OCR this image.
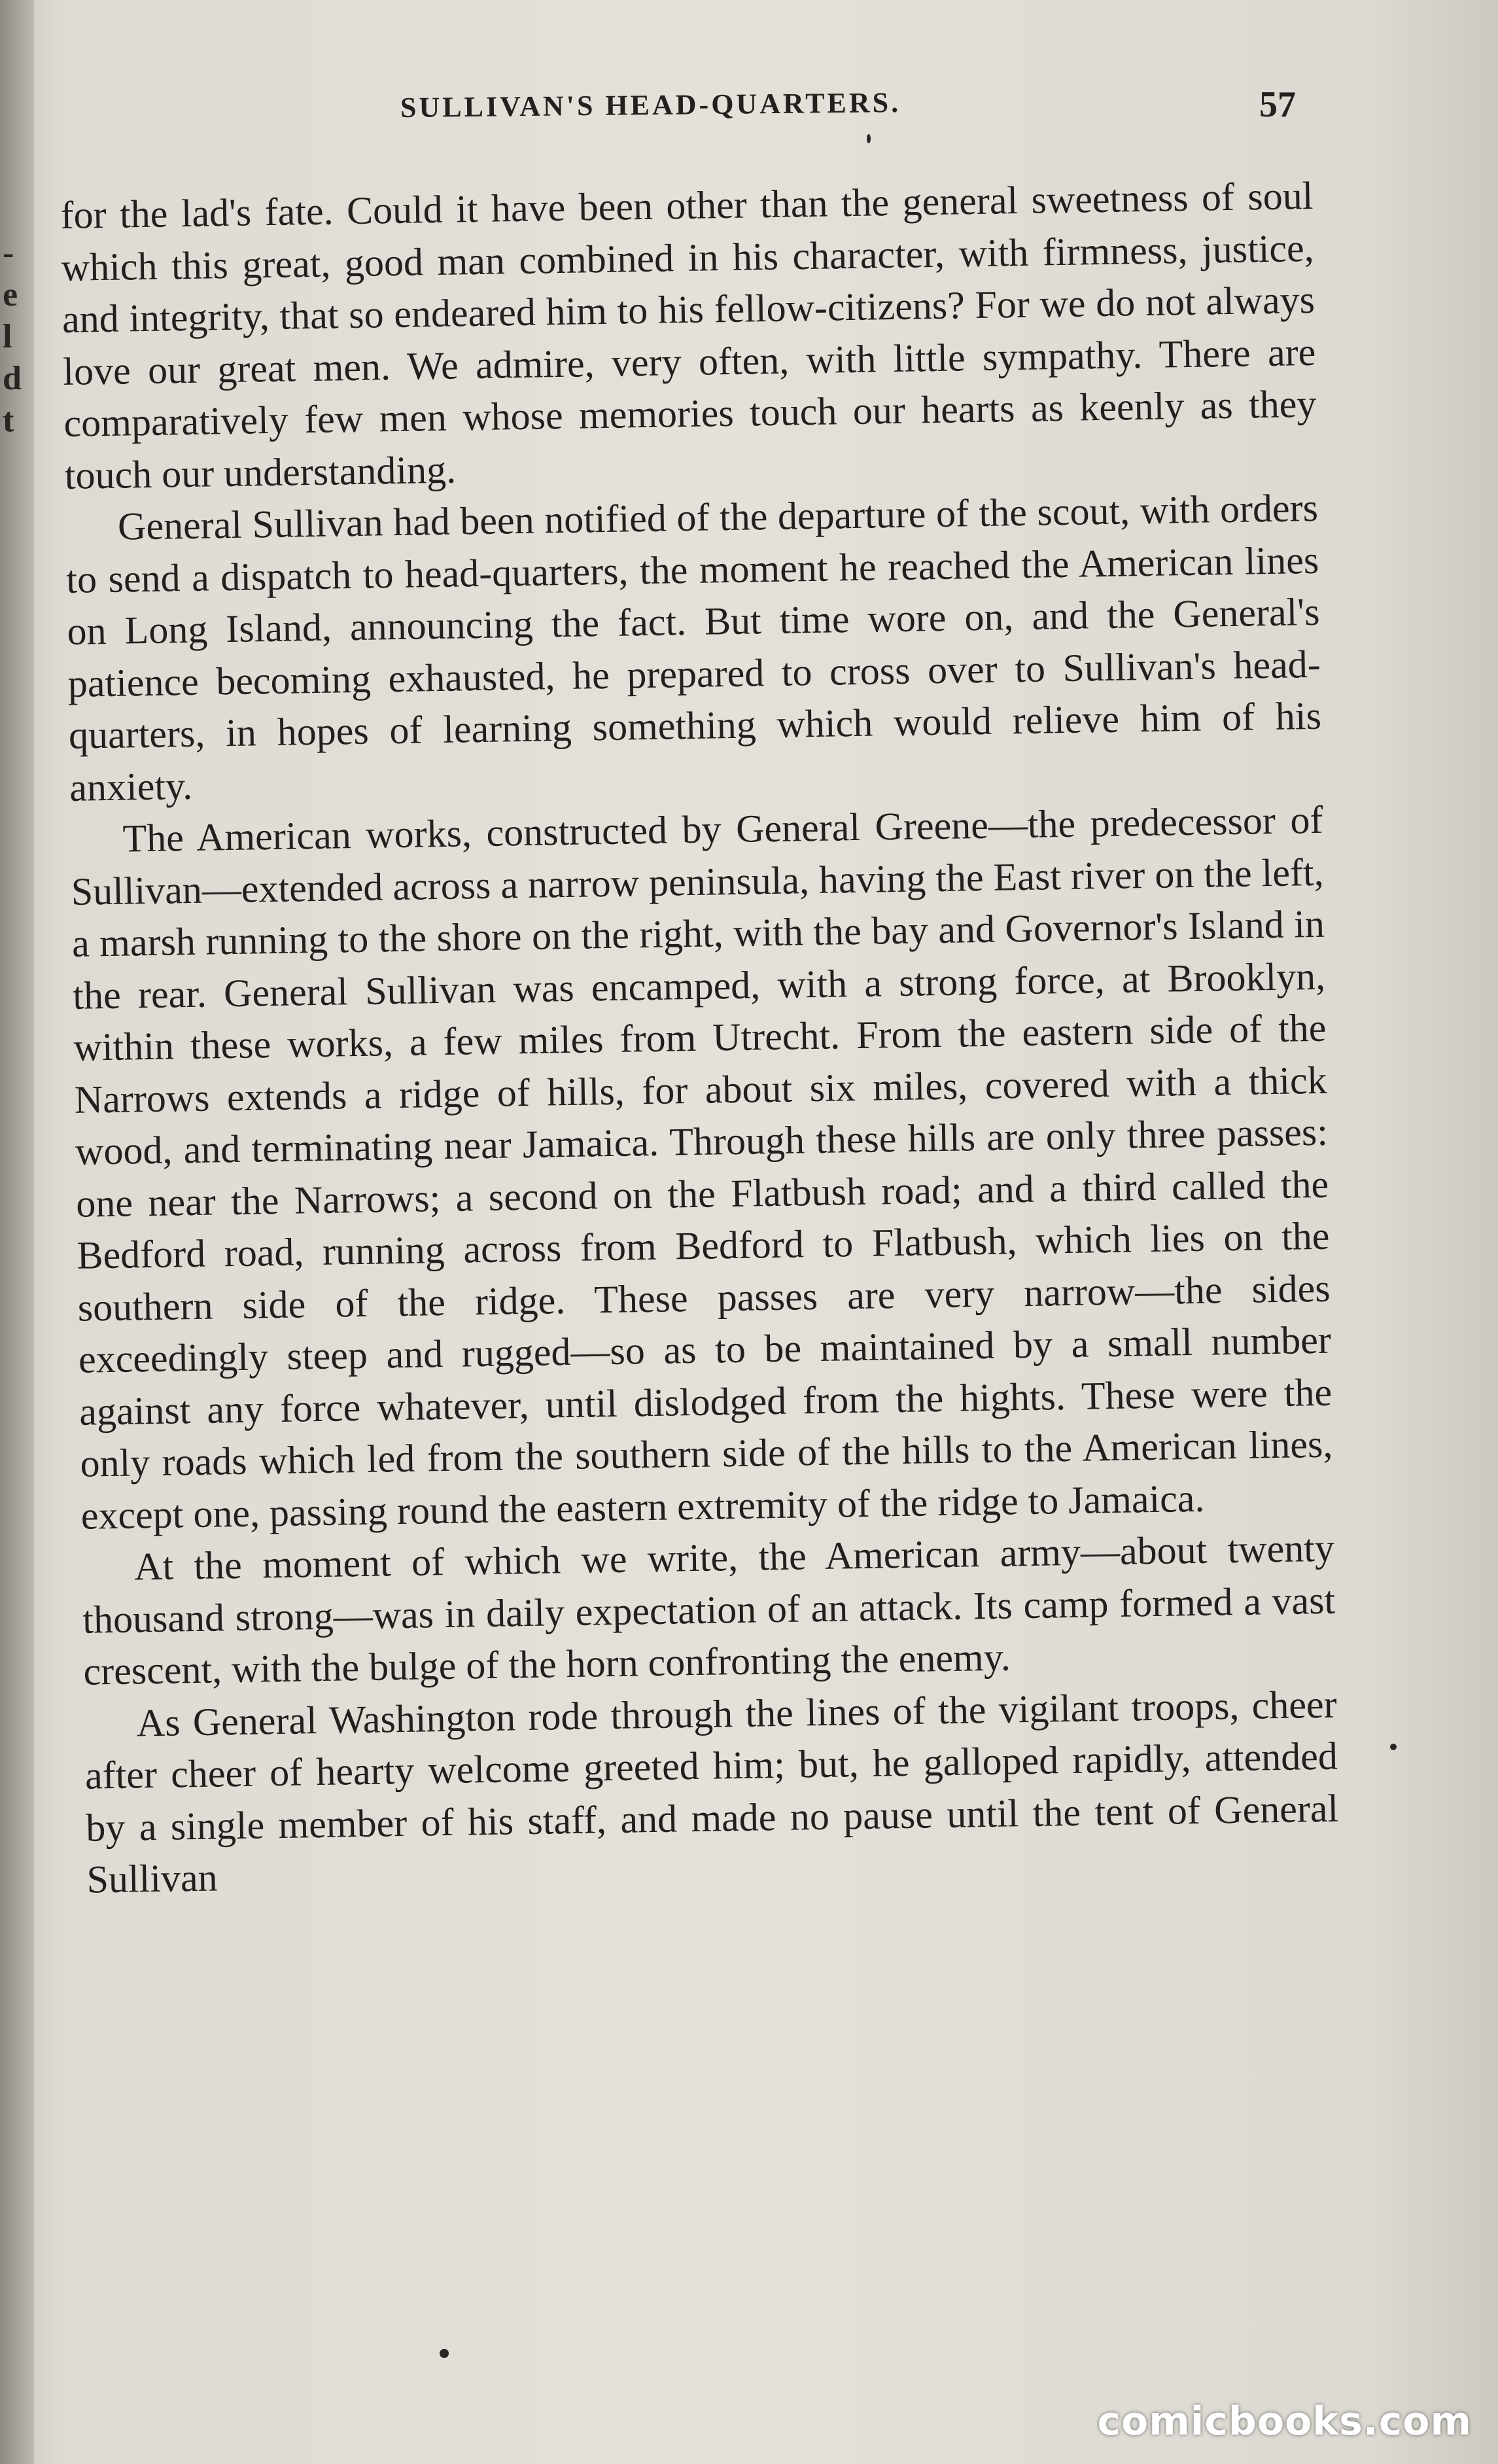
-
e
l
d
t
SULLIVAN'S HEAD-QUARTERS.	57

for the lad's fate. Could it have been other than the general sweetness of soul which this great, good man combined in his character, with firmness, justice, and integrity, that so endeared him to his fellow-citizens? For we do not always love our great men. We admire, very often, with little sympathy. There are comparatively few men whose memories touch our hearts as keenly as they touch our understanding.

General Sullivan had been notified of the departure of the scout, with orders to send a dispatch to head-quarters, the moment he reached the American lines on Long Island, announcing the fact. But time wore on, and the General's patience becoming exhausted, he prepared to cross over to Sullivan's head-quarters, in hopes of learning something which would relieve him of his anxiety.

The American works, constructed by General Greene—the predecessor of Sullivan—extended across a narrow peninsula, having the East river on the left, a marsh running to the shore on the right, with the bay and Governor's Island in the rear. General Sullivan was encamped, with a strong force, at Brooklyn, within these works, a few miles from Utrecht. From the eastern side of the Narrows extends a ridge of hills, for about six miles, covered with a thick wood, and terminating near Jamaica. Through these hills are only three passes: one near the Narrows; a second on the Flatbush road; and a third called the Bedford road, running across from Bedford to Flatbush, which lies on the southern side of the ridge. These passes are very narrow—the sides exceedingly steep and rugged—so as to be maintained by a small number against any force whatever, until dislodged from the hights. These were the only roads which led from the southern side of the hills to the American lines, except one, passing round the eastern extremity of the ridge to Jamaica.

At the moment of which we write, the American army—about twenty thousand strong—was in daily expectation of an attack. Its camp formed a vast crescent, with the bulge of the horn confronting the enemy.

As General Washington rode through the lines of the vigilant troops, cheer after cheer of hearty welcome greeted him; but, he galloped rapidly, attended by a single member of his staff, and made no pause until the tent of General Sullivan

comicbooks.com
